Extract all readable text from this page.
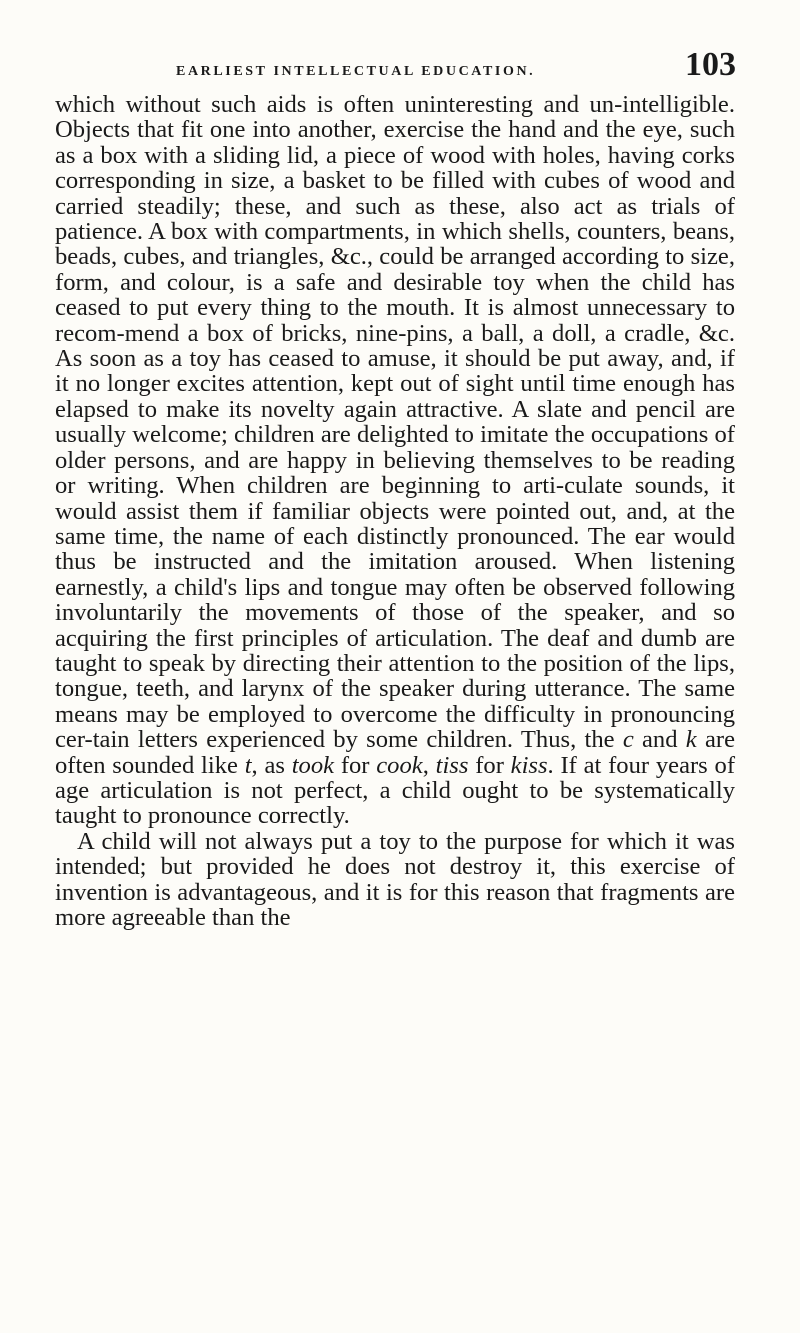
EARLIEST INTELLECTUAL EDUCATION.	103

which without such aids is often uninteresting and un-intelligible. Objects that fit one into another, exercise the hand and the eye, such as a box with a sliding lid, a piece of wood with holes, having corks corresponding in size, a basket to be filled with cubes of wood and carried steadily; these, and such as these, also act as trials of patience. A box with compartments, in which shells, counters, beans, beads, cubes, and triangles, &c., could be arranged according to size, form, and colour, is a safe and desirable toy when the child has ceased to put every thing to the mouth. It is almost unnecessary to recom-mend a box of bricks, nine-pins, a ball, a doll, a cradle, &c. As soon as a toy has ceased to amuse, it should be put away, and, if it no longer excites attention, kept out of sight until time enough has elapsed to make its novelty again attractive. A slate and pencil are usually welcome; children are delighted to imitate the occupations of older persons, and are happy in believing themselves to be reading or writing. When children are beginning to arti-culate sounds, it would assist them if familiar objects were pointed out, and, at the same time, the name of each distinctly pronounced. The ear would thus be instructed and the imitation aroused. When listening earnestly, a child's lips and tongue may often be observed following involuntarily the movements of those of the speaker, and so acquiring the first principles of articulation. The deaf and dumb are taught to speak by directing their attention to the position of the lips, tongue, teeth, and larynx of the speaker during utterance. The same means may be employed to overcome the difficulty in pronouncing cer-tain letters experienced by some children. Thus, the c and k are often sounded like t, as took for cook, tiss for kiss. If at four years of age articulation is not perfect, a child ought to be systematically taught to pronounce correctly.

A child will not always put a toy to the purpose for which it was intended; but provided he does not destroy it, this exercise of invention is advantageous, and it is for this reason that fragments are more agreeable than the
